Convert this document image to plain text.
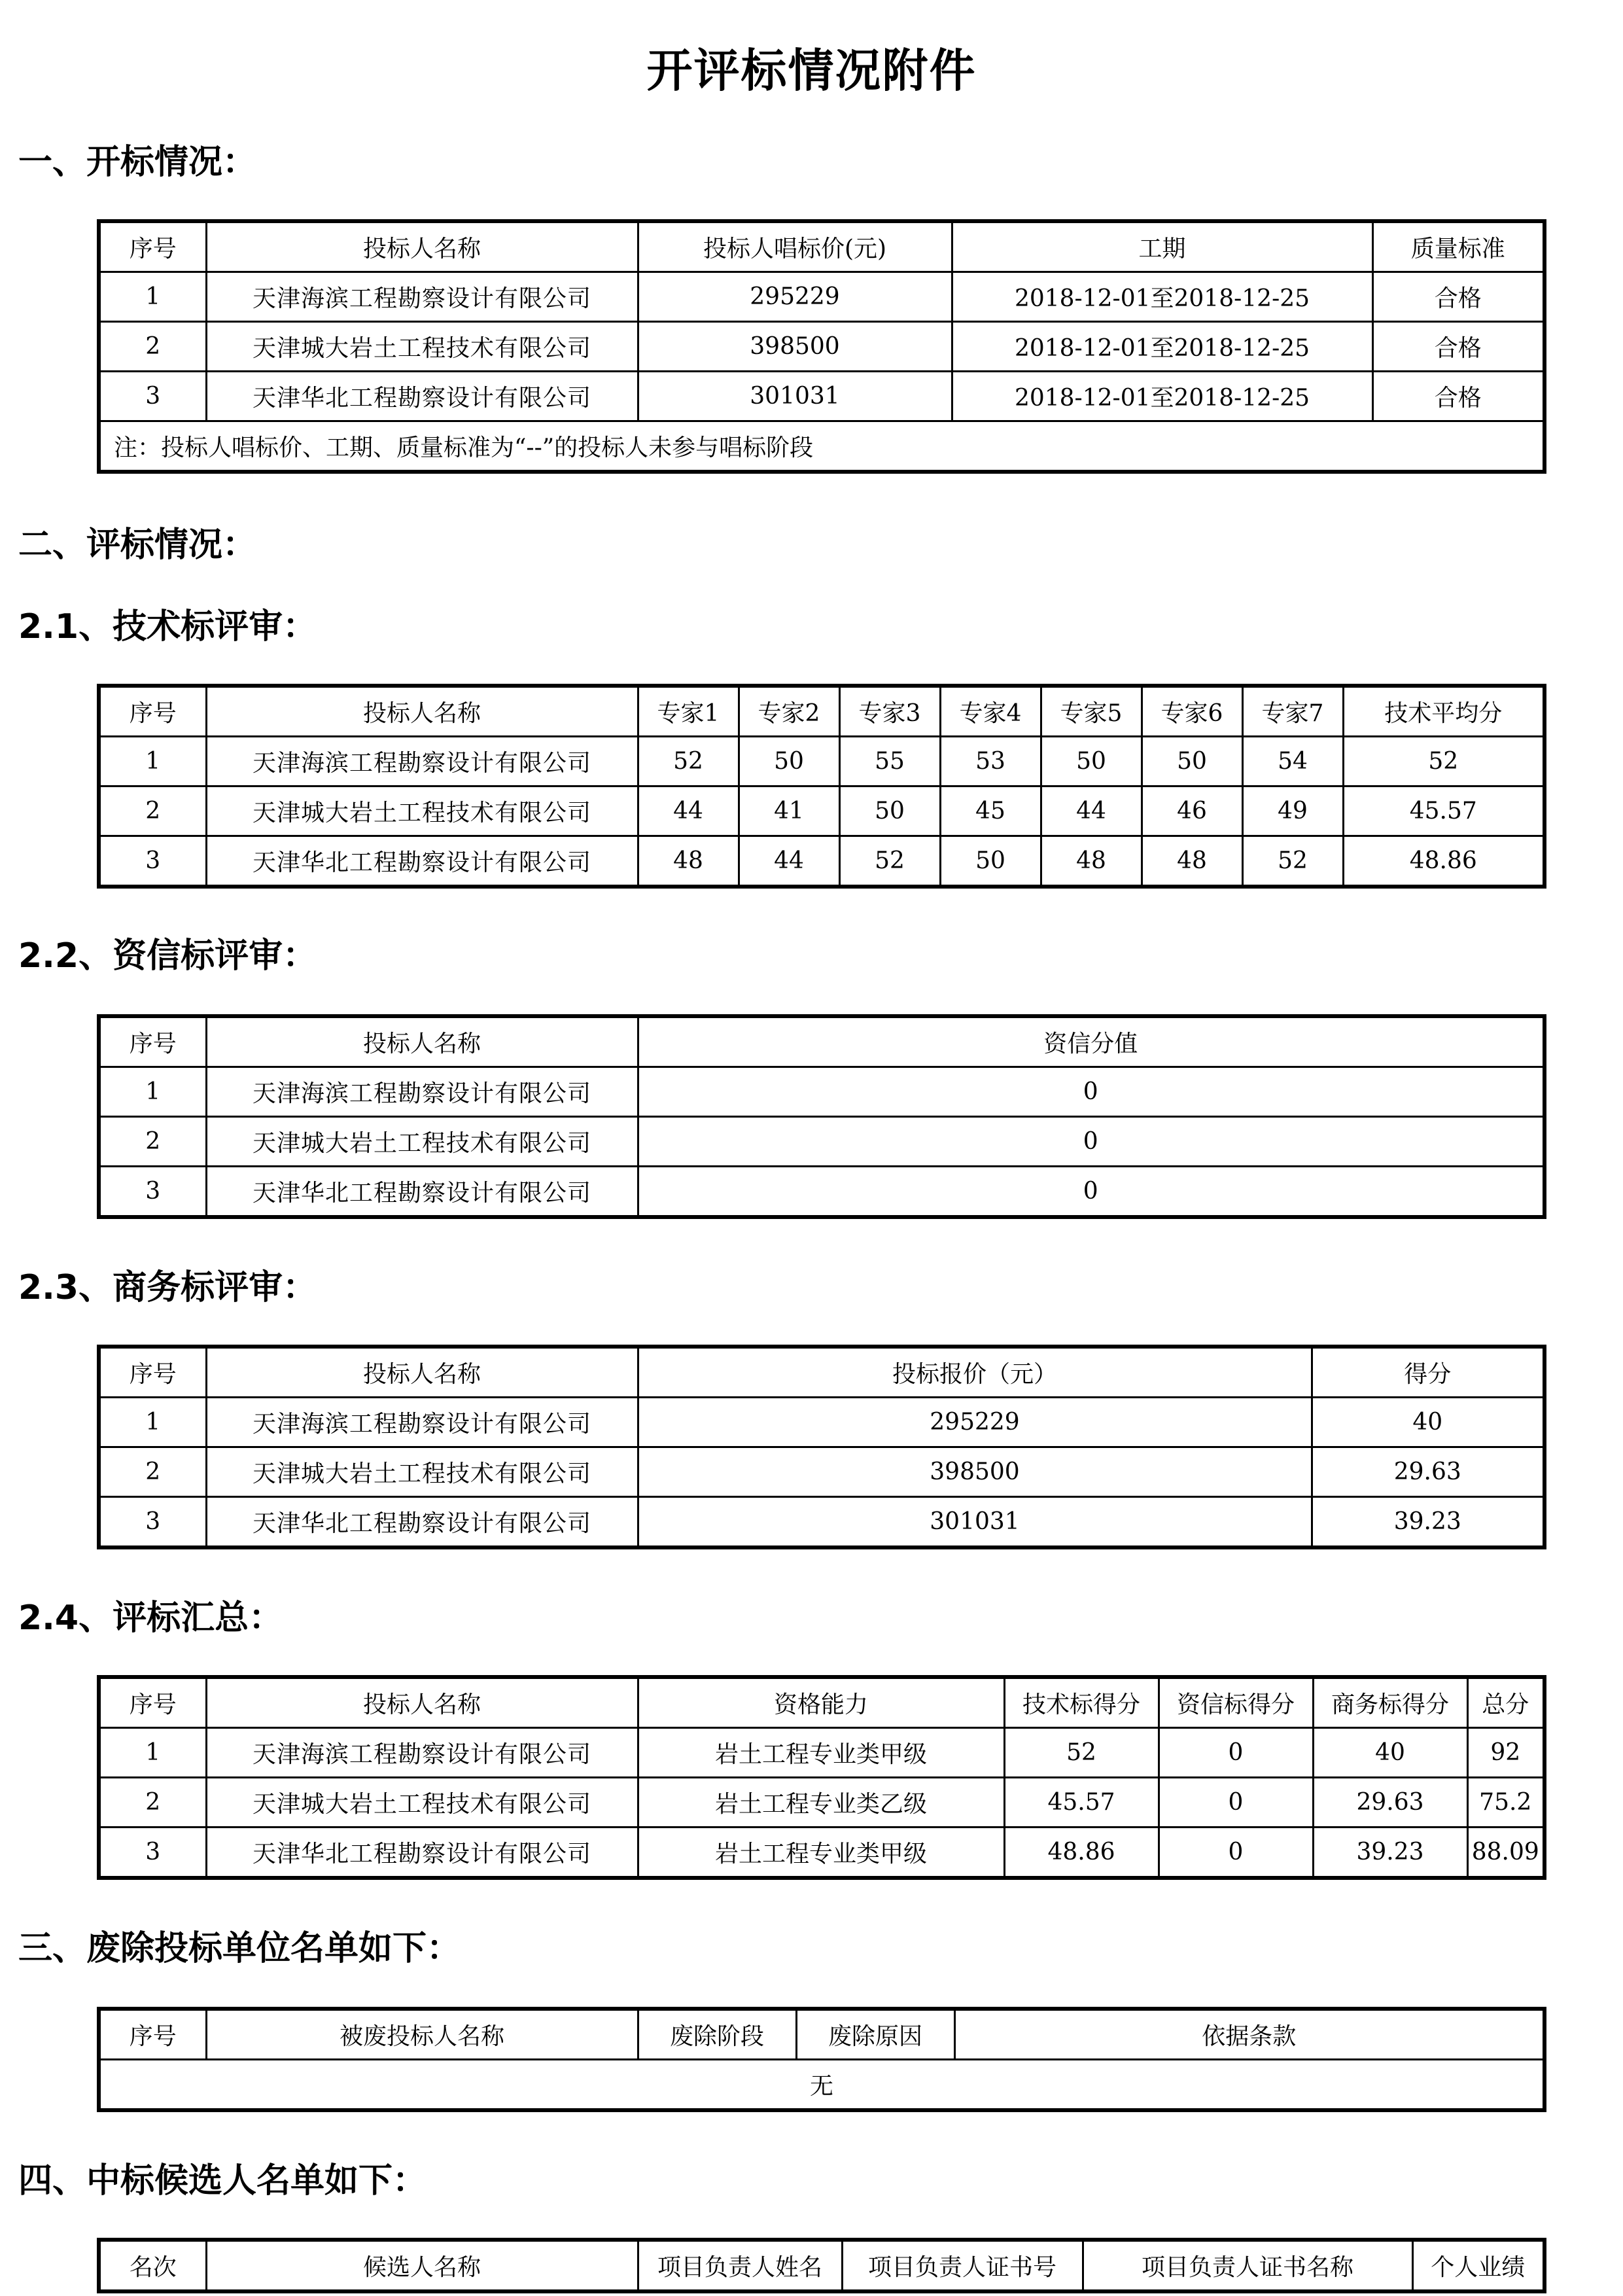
开评标情况附件
一、开标情况：
序号	投标人名称	投标人唱标价(元)	工期	质量标准
1	天津海滨工程勘察设计有限公司	295229	2018-12-01至2018-12-25	合格
2	天津城大岩土工程技术有限公司	398500	2018-12-01至2018-12-25	合格
3	天津华北工程勘察设计有限公司	301031	2018-12-01至2018-12-25	合格
注：投标人唱标价、工期、质量标准为“--”的投标人未参与唱标阶段				
二、评标情况：
2.1、技术标评审：
序号	投标人名称	专家1	专家2	专家3	专家4	专家5	专家6	专家7	技术平均分
1	天津海滨工程勘察设计有限公司	52	50	55	53	50	50	54	52
2	天津城大岩土工程技术有限公司	44	41	50	45	44	46	49	45.57
3	天津华北工程勘察设计有限公司	48	44	52	50	48	48	52	48.86
2.2、资信标评审：
序号	投标人名称	资信分值
1	天津海滨工程勘察设计有限公司	0
2	天津城大岩土工程技术有限公司	0
3	天津华北工程勘察设计有限公司	0
2.3、商务标评审：
序号	投标人名称	投标报价（元）	得分
1	天津海滨工程勘察设计有限公司	295229	40
2	天津城大岩土工程技术有限公司	398500	29.63
3	天津华北工程勘察设计有限公司	301031	39.23
2.4、评标汇总：
序号	投标人名称	资格能力	技术标得分	资信标得分	商务标得分	总分
1	天津海滨工程勘察设计有限公司	岩土工程专业类甲级	52	0	40	92
2	天津城大岩土工程技术有限公司	岩土工程专业类乙级	45.57	0	29.63	75.2
3	天津华北工程勘察设计有限公司	岩土工程专业类甲级	48.86	0	39.23	88.09
三、废除投标单位名单如下：
序号	被废投标人名称	废除阶段	废除原因	依据条款
无
四、中标候选人名单如下：
名次	候选人名称	项目负责人姓名	项目负责人证书号	项目负责人证书名称	个人业绩
